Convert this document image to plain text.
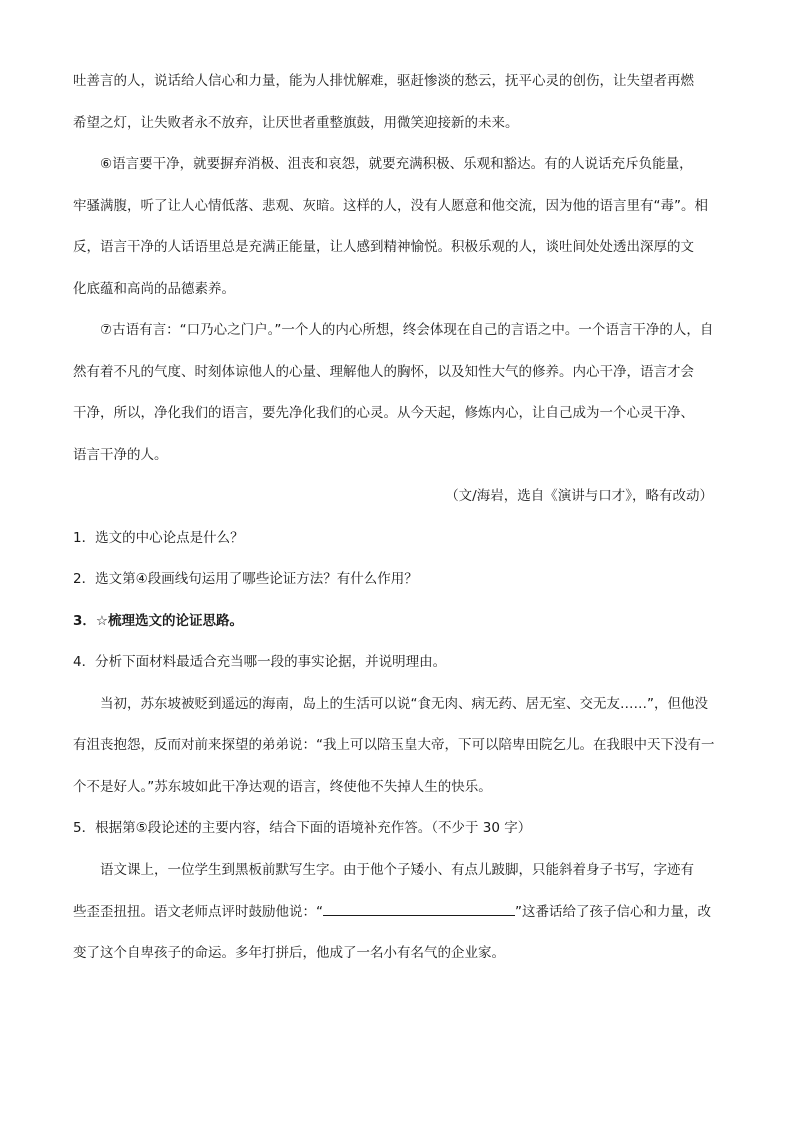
吐善言的人，说话给人信心和力量，能为人排忧解难，驱赶惨淡的愁云，抚平心灵的创伤，让失望者再燃
希望之灯，让失败者永不放弃，让厌世者重整旗鼓，用微笑迎接新的未来。
⑥语言要干净，就要摒弃消极、沮丧和哀怨，就要充满积极、乐观和豁达。有的人说话充斥负能量，
牢骚满腹，听了让人心情低落、悲观、灰暗。这样的人，没有人愿意和他交流，因为他的语言里有“毒”。相
反，语言干净的人话语里总是充满正能量，让人感到精神愉悦。积极乐观的人，谈吐间处处透出深厚的文
化底蕴和高尚的品德素养。
⑦古语有言：“口乃心之门户。”一个人的内心所想，终会体现在自己的言语之中。一个语言干净的人，自
然有着不凡的气度、时刻体谅他人的心量、理解他人的胸怀，以及知性大气的修养。内心干净，语言才会
干净，所以，净化我们的语言，要先净化我们的心灵。从今天起，修炼内心，让自己成为一个心灵干净、
语言干净的人。
（文/海岩，选自《演讲与口才》，略有改动）
1．选文的中心论点是什么？
2．选文第④段画线句运用了哪些论证方法？有什么作用？
3．☆梳理选文的论证思路。
4．分析下面材料最适合充当哪一段的事实论据，并说明理由。
当初，苏东坡被贬到遥远的海南，岛上的生活可以说“食无肉、病无药、居无室、交无友……”，但他没
有沮丧抱怨，反而对前来探望的弟弟说：“我上可以陪玉皇大帝，下可以陪卑田院乞儿。在我眼中天下没有一
个不是好人。”苏东坡如此干净达观的语言，终使他不失掉人生的快乐。
5．根据第⑤段论述的主要内容，结合下面的语境补充作答。（不少于 30 字）
语文课上，一位学生到黑板前默写生字。由于他个子矮小、有点儿跛脚，只能斜着身子书写，字迹有
些歪歪扭扭。语文老师点评时鼓励他说：“	”这番话给了孩子信心和力量，改
变了这个自卑孩子的命运。多年打拼后，他成了一名小有名气的企业家。
